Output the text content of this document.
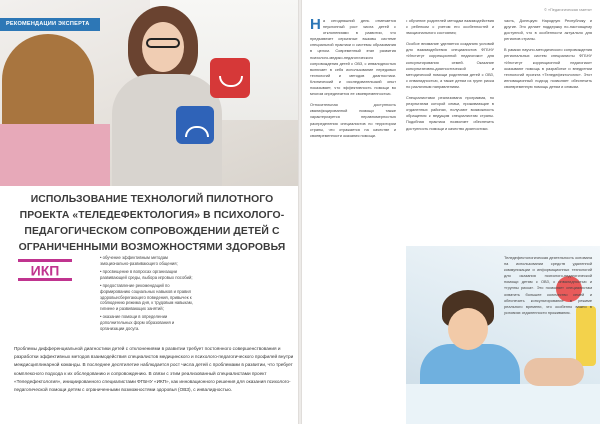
РЕКОМЕНДАЦИИ ЭКСПЕРТА
ИСПОЛЬЗОВАНИЕ ТЕХНОЛОГИЙ ПИЛОТНОГО ПРОЕКТА «ТЕЛЕДЕФЕКТОЛОГИЯ» В ПСИХОЛОГО-ПЕДАГОГИЧЕСКОМ СОПРОВОЖДЕНИИ ДЕТЕЙ С ОГРАНИЧЕННЫМИ ВОЗМОЖНОСТЯМИ ЗДОРОВЬЯ
ИКП

• обучение эффективным методам эмоционально-развивающего общения;

• просвещение в вопросах организации развивающей среды, выбора игровых пособий;

• предоставление рекомендаций по формированию социальных навыков и правил здоровьесберегающего поведения, привычек к соблюдению режима дня, к трудовым навыкам, гигиене и развивающих занятий;

• оказание помощи в определении дополнительных форм образования и организации досуга.

Проблемы дифференциальной диагностики детей с отклонениями в развитии требует постоянного совершенствования и разработки эффективных методов взаимодействия специалистов медицинского и психолого-педагогического профилей внутри междисциплинарной команды. В последнее десятилетие наблюдается рост числа детей с проблемами в развитии, что требует комплексного подхода к их обследованию и сопровождению. В связи с этим реализованный специалистами проект «Теледефектология», инициированного специалистами ФГБНУ «ИКП», как инновационного решения для оказания психолого-педагогической помощи детям с ограниченными возможностями здоровья (ОВЗ), с инвалидностью.
© «Педагогическая газета»

На сегодняшний день отмечается неуклонный рост числа детей с отклонениями в развитии, что предъявляет серьезные вызовы системе специальной практики и системы образования в целом. Современный этап развития психолого-медико-педагогического сопровождения детей с ОВЗ, с инвалидностью включает в себя использование передовых технологий и методов диагностики. Клинический и исследовательский опыт показывает, что эффективность помощи во многом определяется ее своевременностью.

Относительная доступность квалифицированной помощи также характеризуется неравномерностью распределения специалистов по территории страны, что отражается на качестве и своевременности оказания помощи.

• обучение родителей методам взаимодействия с ребенком с учетом его особенностей и эмоционального состояния;

Особое внимание уделяется созданию условий для взаимодействия специалистов ФГБНУ «Институт коррекционной педагогики» для консультирования семей. Оказание консультативно-диагностической и методической помощи родителям детей с ОВЗ, с инвалидностью, а также детям из групп риска по различным направлениям.

Специалистами реализована программа, по результатам которой семьи, проживающие в отдаленных районах, получают возможность обращения к ведущим специалистам страны. Подобная практика позволяет обеспечить доступность помощи и качество диагностики.

часть, Донецкую Народную Республику и другие. Это делает поддержку по-настоящему доступной, что в особенности актуально для регионов страны.

В рамках научно-методического сопровождения региональных систем специалисты ФГБНУ «Институт коррекционной педагогики» оказывают помощь в разработке и внедрении технологий проекта «Теледефектология». Этот инновационный подход позволяет обеспечить своевременную помощь детям и семьям.

Теледефектологическая деятельность основана на использовании средств удаленной коммуникации и информационных технологий для оказания психолого-педагогической помощи детям с ОВЗ, с инвалидностью и «группы риска». Это позволяет специалистам охватить большее количество семей и обеспечить консультирование в режиме реального времени, что особенно важно в условиях отдаленности проживания.
